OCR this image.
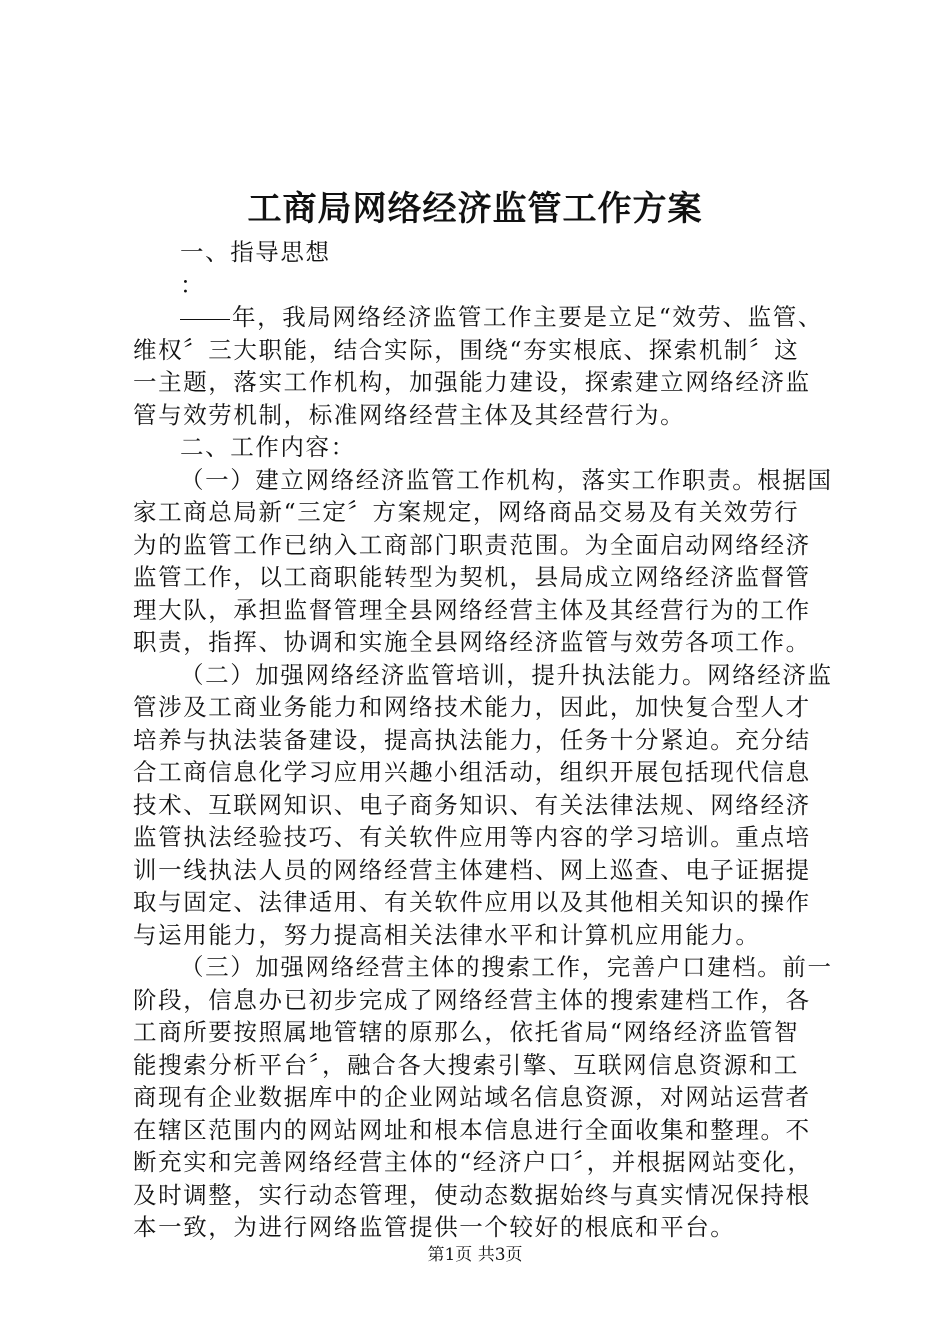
工商局网络经济监管工作方案
一、指导思想
：
年，我局网络经济监管工作主要是立足“效劳、监管、
维权〞三大职能，结合实际，围绕“夯实根底、探索机制〞这
一主题，落实工作机构，加强能力建设，探索建立网络经济监
管与效劳机制，标准网络经营主体及其经营行为。
二、工作内容：
（一）建立网络经济监管工作机构，落实工作职责。根据国
家工商总局新“三定〞方案规定，网络商品交易及有关效劳行
为的监管工作已纳入工商部门职责范围。为全面启动网络经济
监管工作，以工商职能转型为契机，县局成立网络经济监督管
理大队，承担监督管理全县网络经营主体及其经营行为的工作
职责，指挥、协调和实施全县网络经济监管与效劳各项工作。
（二）加强网络经济监管培训，提升执法能力。网络经济监
管涉及工商业务能力和网络技术能力，因此，加快复合型人才
培养与执法装备建设，提高执法能力，任务十分紧迫。充分结
合工商信息化学习应用兴趣小组活动，组织开展包括现代信息
技术、互联网知识、电子商务知识、有关法律法规、网络经济
监管执法经验技巧、有关软件应用等内容的学习培训。重点培
训一线执法人员的网络经营主体建档、网上巡查、电子证据提
取与固定、法律适用、有关软件应用以及其他相关知识的操作
与运用能力，努力提高相关法律水平和计算机应用能力。
（三）加强网络经营主体的搜索工作，完善户口建档。前一
阶段，信息办已初步完成了网络经营主体的搜索建档工作，各
工商所要按照属地管辖的原那么，依托省局“网络经济监管智
能搜索分析平台〞，融合各大搜索引擎、互联网信息资源和工
商现有企业数据库中的企业网站域名信息资源，对网站运营者
在辖区范围内的网站网址和根本信息进行全面收集和整理。不
断充实和完善网络经营主体的“经济户口〞，并根据网站变化，
及时调整，实行动态管理，使动态数据始终与真实情况保持根
本一致，为进行网络监管提供一个较好的根底和平台。
第1页 共3页
